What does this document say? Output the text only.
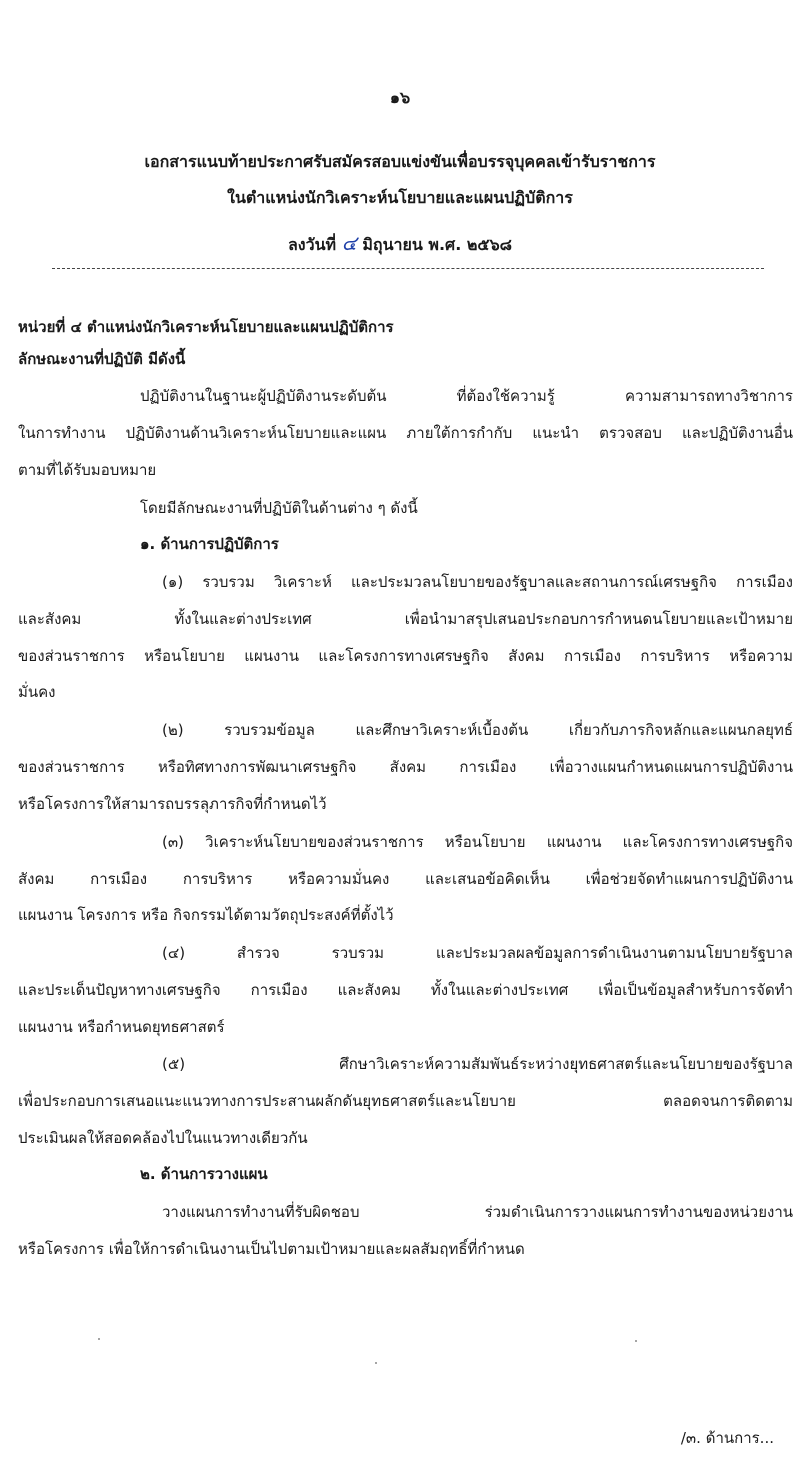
๑๖
เอกสารแนบท้ายประกาศรับสมัครสอบแข่งขันเพื่อบรรจุบุคคลเข้ารับราชการ
ในตำแหน่งนักวิเคราะห์นโยบายและแผนปฏิบัติการ
ลงวันที่ ๔ มิถุนายน พ.ศ. ๒๕๖๘
หน่วยที่ ๔ ตำแหน่งนักวิเคราะห์นโยบายและแผนปฏิบัติการ
ลักษณะงานที่ปฏิบัติ มีดังนี้
ปฏิบัติงานในฐานะผู้ปฏิบัติงานระดับต้น ที่ต้องใช้ความรู้ ความสามารถทางวิชาการ
ในการทำงาน ปฏิบัติงานด้านวิเคราะห์นโยบายและแผน ภายใต้การกำกับ แนะนำ ตรวจสอบ และปฏิบัติงานอื่น
ตามที่ได้รับมอบหมาย
โดยมีลักษณะงานที่ปฏิบัติในด้านต่าง ๆ ดังนี้
๑. ด้านการปฏิบัติการ
(๑) รวบรวม วิเคราะห์ และประมวลนโยบายของรัฐบาลและสถานการณ์เศรษฐกิจ การเมือง
และสังคม ทั้งในและต่างประเทศ เพื่อนำมาสรุปเสนอประกอบการกำหนดนโยบายและเป้าหมาย
ของส่วนราชการ หรือนโยบาย แผนงาน และโครงการทางเศรษฐกิจ สังคม การเมือง การบริหาร หรือความ
มั่นคง
(๒) รวบรวมข้อมูล และศึกษาวิเคราะห์เบื้องต้น เกี่ยวกับภารกิจหลักและแผนกลยุทธ์
ของส่วนราชการ หรือทิศทางการพัฒนาเศรษฐกิจ สังคม การเมือง เพื่อวางแผนกำหนดแผนการปฏิบัติงาน
หรือโครงการให้สามารถบรรลุภารกิจที่กำหนดไว้
(๓) วิเคราะห์นโยบายของส่วนราชการ หรือนโยบาย แผนงาน และโครงการทางเศรษฐกิจ
สังคม การเมือง การบริหาร หรือความมั่นคง และเสนอข้อคิดเห็น เพื่อช่วยจัดทำแผนการปฏิบัติงาน
แผนงาน โครงการ หรือ กิจกรรมได้ตามวัตถุประสงค์ที่ตั้งไว้
(๔) สำรวจ รวบรวม และประมวลผลข้อมูลการดำเนินงานตามนโยบายรัฐบาล
และประเด็นปัญหาทางเศรษฐกิจ การเมือง และสังคม ทั้งในและต่างประเทศ เพื่อเป็นข้อมูลสำหรับการจัดทำ
แผนงาน หรือกำหนดยุทธศาสตร์
(๕) ศึกษาวิเคราะห์ความสัมพันธ์ระหว่างยุทธศาสตร์และนโยบายของรัฐบาล
เพื่อประกอบการเสนอแนะแนวทางการประสานผลักดันยุทธศาสตร์และนโยบาย ตลอดจนการติดตาม
ประเมินผลให้สอดคล้องไปในแนวทางเดียวกัน
๒. ด้านการวางแผน
วางแผนการทำงานที่รับผิดชอบ ร่วมดำเนินการวางแผนการทำงานของหน่วยงาน
หรือโครงการ เพื่อให้การดำเนินงานเป็นไปตามเป้าหมายและผลสัมฤทธิ์ที่กำหนด
/๓. ด้านการ...
